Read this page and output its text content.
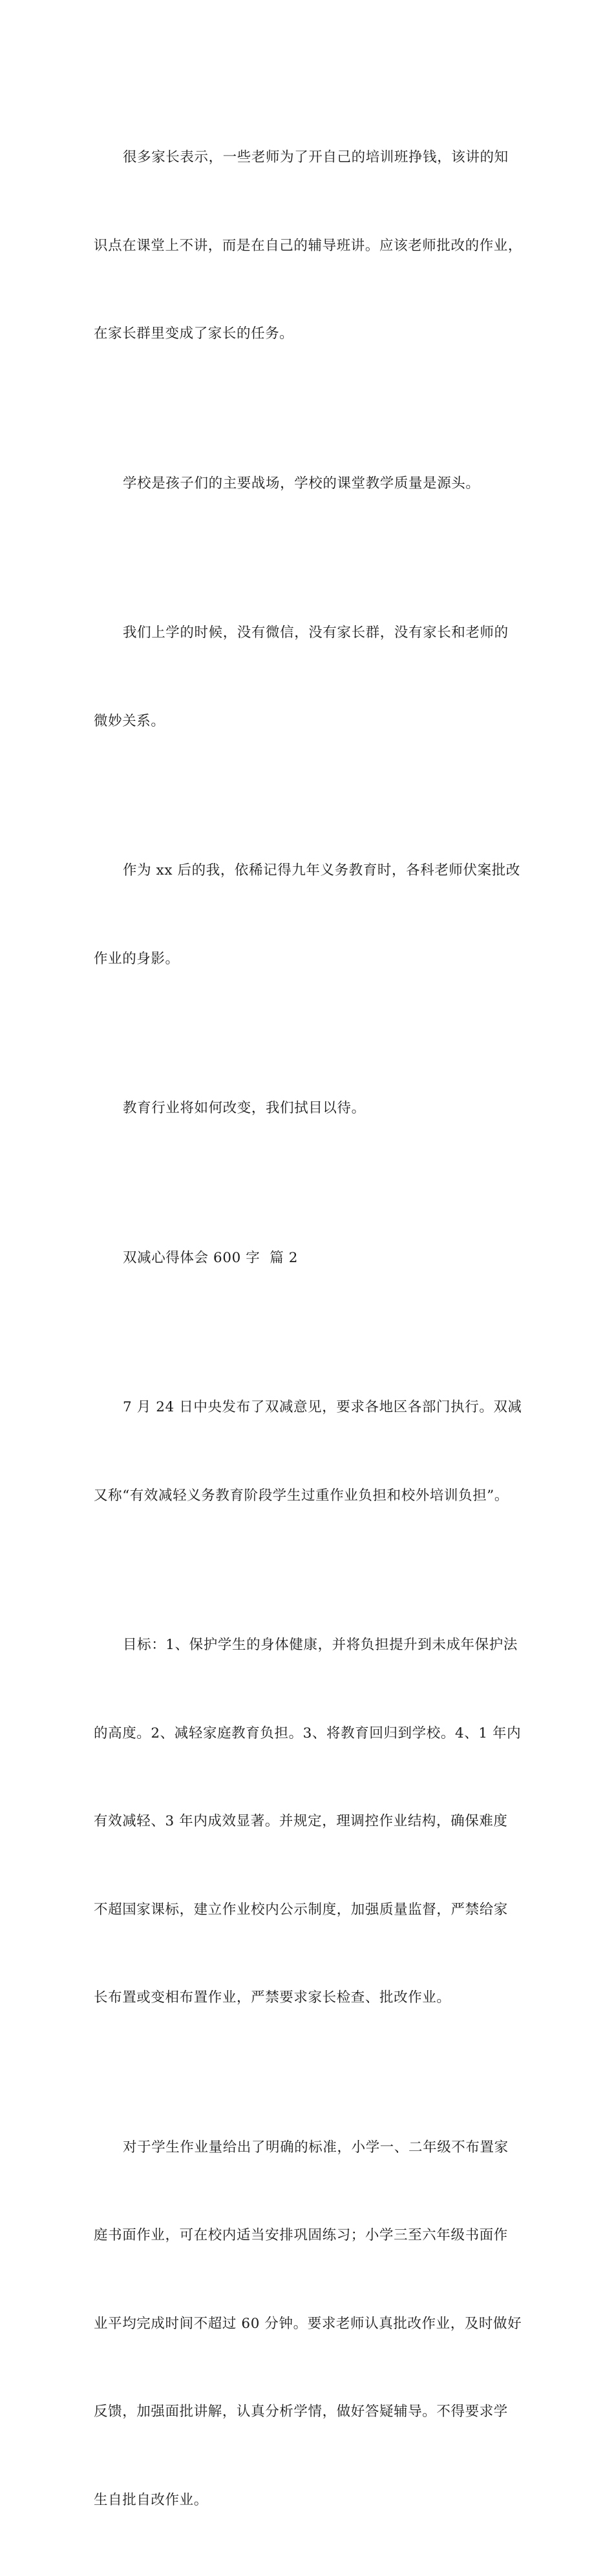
很多家长表示，一些老师为了开自己的培训班挣钱，该讲的知

识点在课堂上不讲，而是在自己的辅导班讲。应该老师批改的作业，

在家长群里变成了家长的任务。

学校是孩子们的主要战场，学校的课堂教学质量是源头。

我们上学的时候，没有微信，没有家长群，没有家长和老师的

微妙关系。

作为 xx 后的我，依稀记得九年义务教育时，各科老师伏案批改

作业的身影。

教育行业将如何改变，我们拭目以待。

双减心得体会 600 字  篇 2

7 月 24 日中央发布了双减意见，要求各地区各部门执行。双减

又称“有效减轻义务教育阶段学生过重作业负担和校外培训负担”。

目标：1、保护学生的身体健康，并将负担提升到未成年保护法

的高度。2、减轻家庭教育负担。3、将教育回归到学校。4、1 年内

有效减轻、3 年内成效显著。并规定，理调控作业结构，确保难度

不超国家课标，建立作业校内公示制度，加强质量监督，严禁给家

长布置或变相布置作业，严禁要求家长检查、批改作业。

对于学生作业量给出了明确的标准，小学一、二年级不布置家

庭书面作业，可在校内适当安排巩固练习；小学三至六年级书面作

业平均完成时间不超过 60 分钟。要求老师认真批改作业，及时做好

反馈，加强面批讲解，认真分析学情，做好答疑辅导。不得要求学

生自批自改作业。
